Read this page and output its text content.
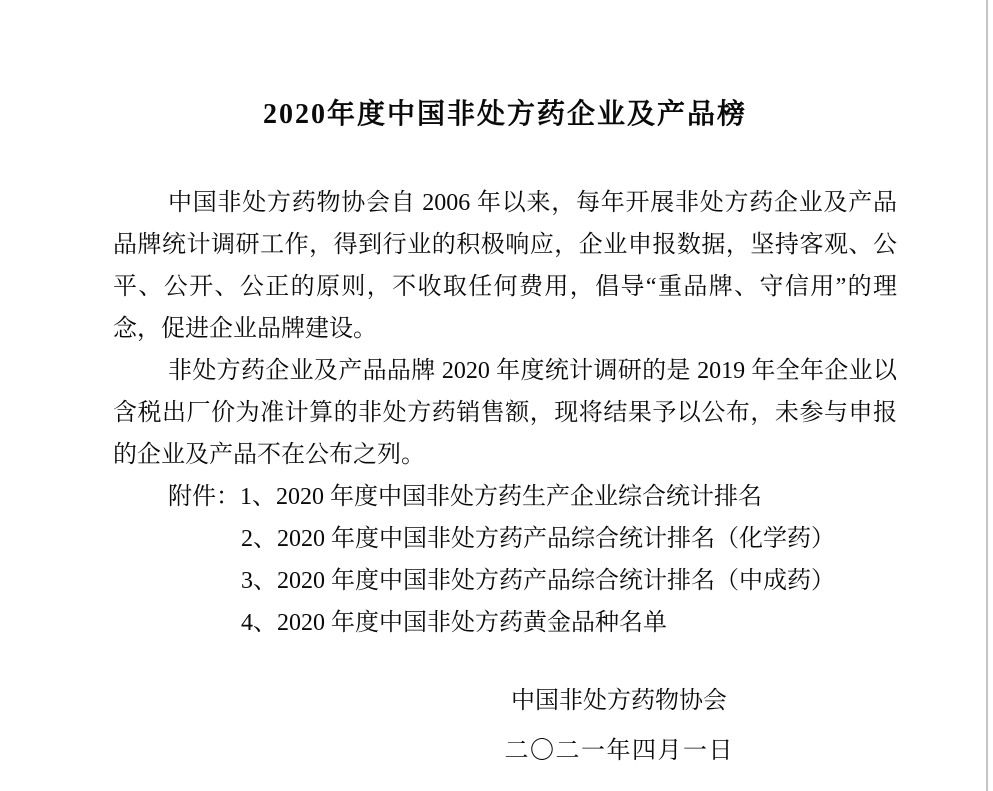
2020年度中国非处方药企业及产品榜
中国非处方药物协会自 2006 年以来，每年开展非处方药企业及产品
品牌统计调研工作，得到行业的积极响应，企业申报数据，坚持客观、公
平、公开、公正的原则，不收取任何费用，倡导“重品牌、守信用”的理
念，促进企业品牌建设。
非处方药企业及产品品牌 2020 年度统计调研的是 2019 年全年企业以
含税出厂价为准计算的非处方药销售额，现将结果予以公布，未参与申报
的企业及产品不在公布之列。
附件： 1、2020 年度中国非处方药生产企业综合统计排名
2、2020 年度中国非处方药产品综合统计排名（化学药）
3、2020 年度中国非处方药产品综合统计排名（中成药）
4、2020 年度中国非处方药黄金品种名单
中国非处方药物协会
二〇二一年四月一日
